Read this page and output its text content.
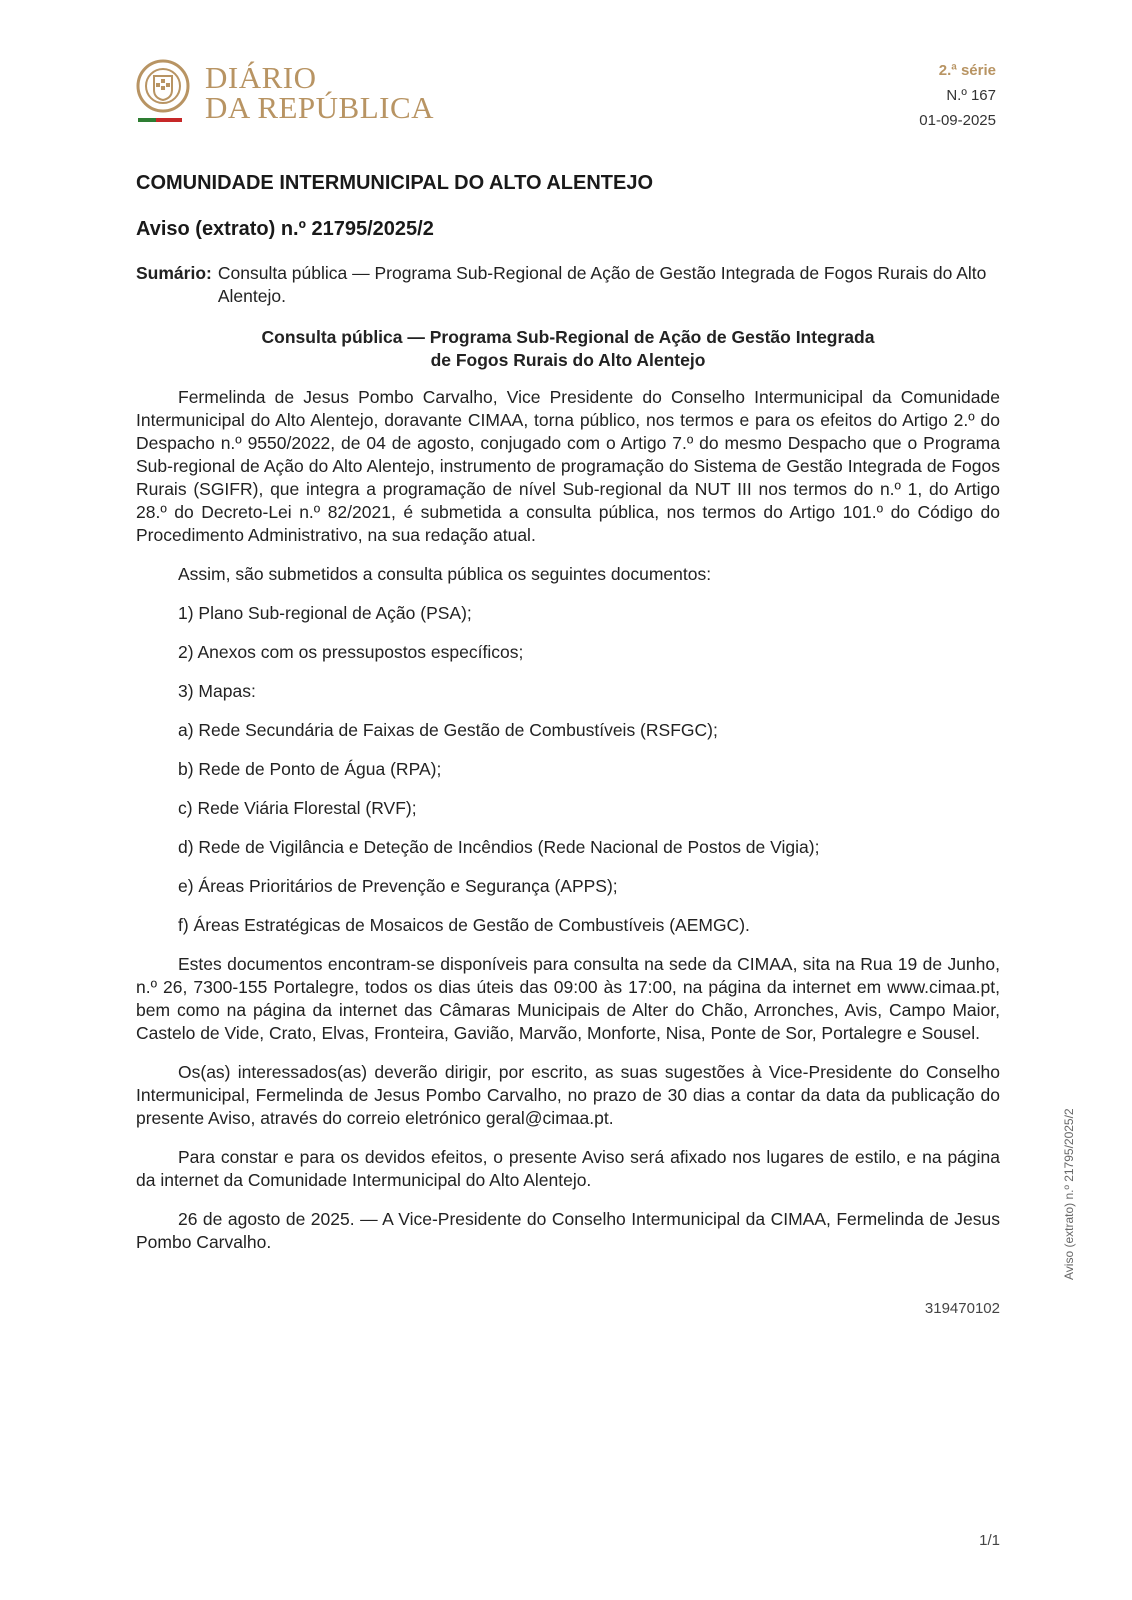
DIÁRIO
DA REPÚBLICA
2.ª série
N.º 167
01-09-2025
COMUNIDADE INTERMUNICIPAL DO ALTO ALENTEJO
Aviso (extrato) n.º 21795/2025/2
Sumário: Consulta pública — Programa Sub-Regional de Ação de Gestão Integrada de Fogos Rurais do Alto Alentejo.
Consulta pública — Programa Sub-Regional de Ação de Gestão Integrada
de Fogos Rurais do Alto Alentejo

Fermelinda de Jesus Pombo Carvalho, Vice Presidente do Conselho Intermunicipal da Comunidade Intermunicipal do Alto Alentejo, doravante CIMAA, torna público, nos termos e para os efeitos do Artigo 2.º do Despacho n.º 9550/2022, de 04 de agosto, conjugado com o Artigo 7.º do mesmo Despacho que o Programa Sub-regional de Ação do Alto Alentejo, instrumento de programação do Sistema de Gestão Integrada de Fogos Rurais (SGIFR), que integra a programação de nível Sub-regional da NUT III nos termos do n.º 1, do Artigo 28.º do Decreto-Lei n.º 82/2021, é submetida a consulta pública, nos termos do Artigo 101.º do Código do Procedimento Administrativo, na sua redação atual.

Assim, são submetidos a consulta pública os seguintes documentos:

1) Plano Sub-regional de Ação (PSA);

2) Anexos com os pressupostos específicos;

3) Mapas:

a) Rede Secundária de Faixas de Gestão de Combustíveis (RSFGC);

b) Rede de Ponto de Água (RPA);

c) Rede Viária Florestal (RVF);

d) Rede de Vigilância e Deteção de Incêndios (Rede Nacional de Postos de Vigia);

e) Áreas Prioritários de Prevenção e Segurança (APPS);

f) Áreas Estratégicas de Mosaicos de Gestão de Combustíveis (AEMGC).

Estes documentos encontram-se disponíveis para consulta na sede da CIMAA, sita na Rua 19 de Junho, n.º 26, 7300-155 Portalegre, todos os dias úteis das 09:00 às 17:00, na página da internet em www.cimaa.pt, bem como na página da internet das Câmaras Municipais de Alter do Chão, Arronches, Avis, Campo Maior, Castelo de Vide, Crato, Elvas, Fronteira, Gavião, Marvão, Monforte, Nisa, Ponte de Sor, Portalegre e Sousel.

Os(as) interessados(as) deverão dirigir, por escrito, as suas sugestões à Vice-Presidente do Conselho Intermunicipal, Fermelinda de Jesus Pombo Carvalho, no prazo de 30 dias a contar da data da publicação do presente Aviso, através do correio eletrónico geral@cimaa.pt.

Para constar e para os devidos efeitos, o presente Aviso será afixado nos lugares de estilo, e na página da internet da Comunidade Intermunicipal do Alto Alentejo.

26 de agosto de 2025. — A Vice-Presidente do Conselho Intermunicipal da CIMAA, Fermelinda de Jesus Pombo Carvalho.

319470102
Aviso (extrato) n.º 21795/2025/2
1/1
